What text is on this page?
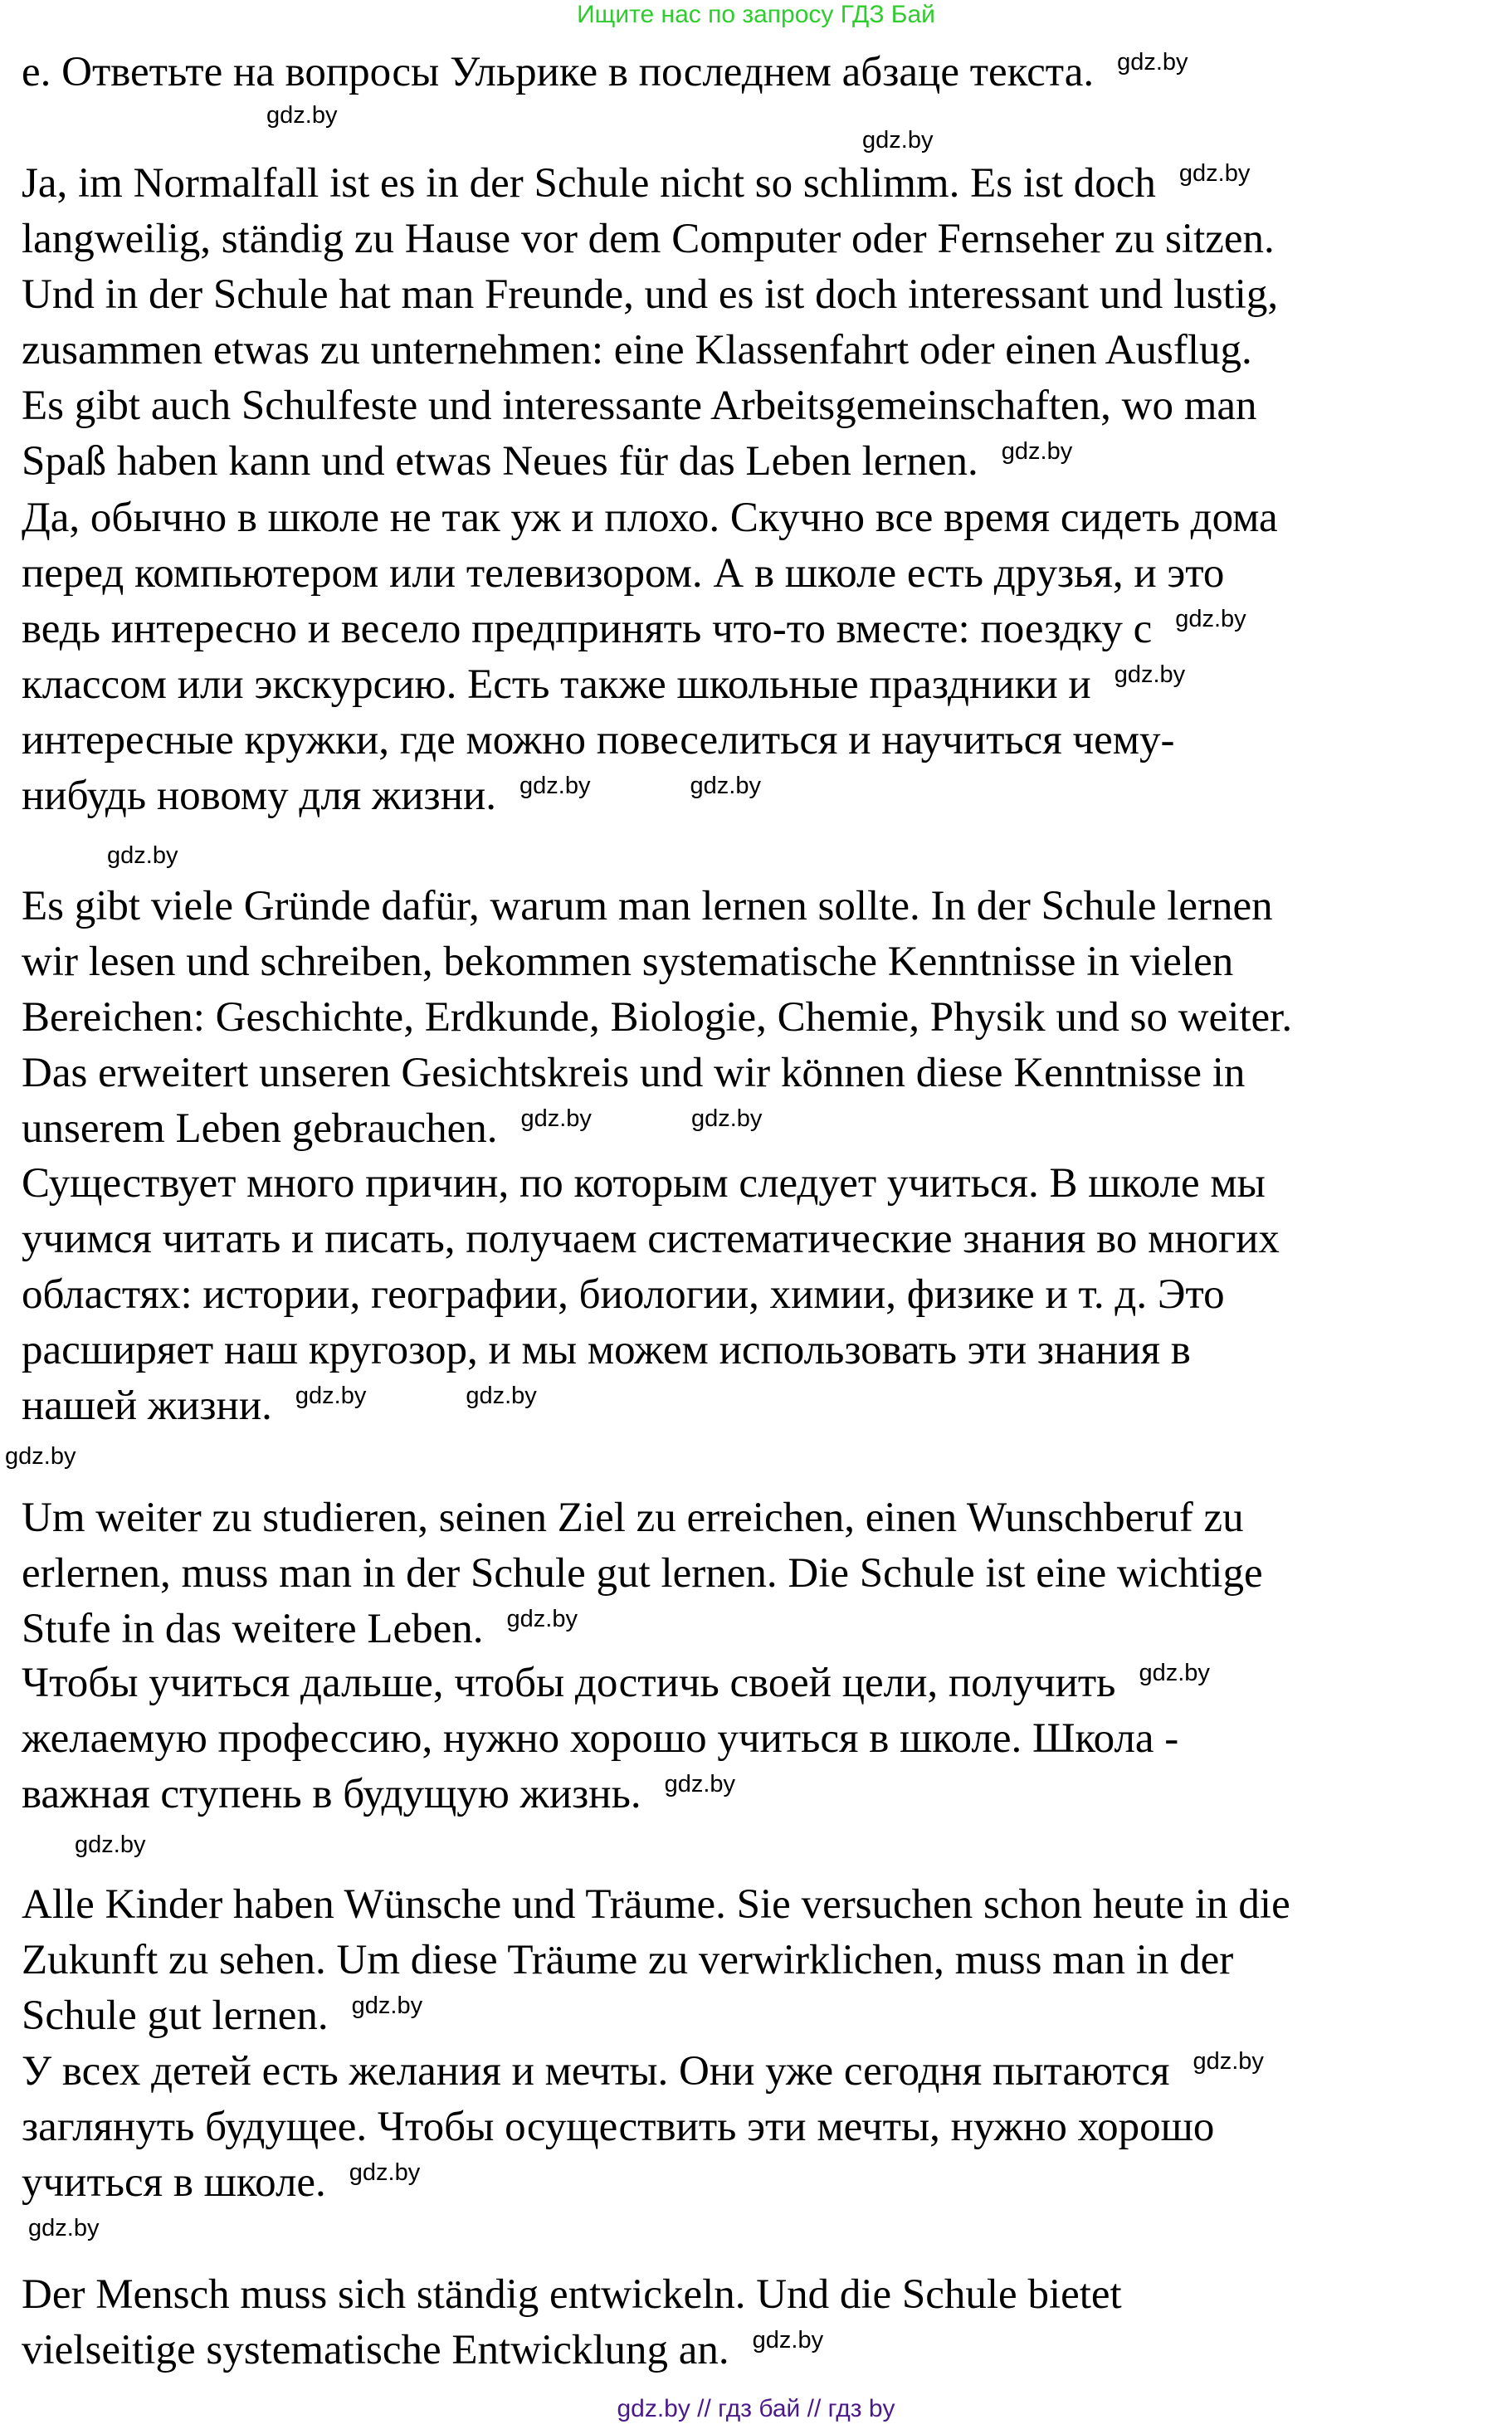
Ищите нас по запросу ГДЗ Бай
e. Ответьте на вопросы Ульрике в последнем абзаце текста. gdz.by
Ja, im Normalfall ist es in der Schule nicht so schlimm. Es ist doch gdz.by
langweilig, ständig zu Hause vor dem Computer oder Fernseher zu sitzen.
Und in der Schule hat man Freunde, und es ist doch interessant und lustig,
zusammen etwas zu unternehmen: eine Klassenfahrt oder einen Ausflug.
Es gibt auch Schulfeste und interessante Arbeitsgemeinschaften, wo man
Spaß haben kann und etwas Neues für das Leben lernen. gdz.by
Да, обычно в школе не так уж и плохо. Скучно все время сидеть дома
перед компьютером или телевизором. А в школе есть друзья, и это
ведь интересно и весело предпринять что-то вместе: поездку с gdz.by
классом или экскурсию. Есть также школьные праздники и gdz.by
интересные кружки, где можно повеселиться и научиться чему-
нибудь новому для жизни. gdz.by	gdz.by
Es gibt viele Gründe dafür, warum man lernen sollte. In der Schule lernen
wir lesen und schreiben, bekommen systematische Kenntnisse in vielen
Bereichen: Geschichte, Erdkunde, Biologie, Chemie, Physik und so weiter.
Das erweitert unseren Gesichtskreis und wir können diese Kenntnisse in
unserem Leben gebrauchen. gdz.by	gdz.by
Существует много причин, по которым следует учиться. В школе мы
учимся читать и писать, получаем систематические знания во многих
областях: истории, географии, биологии, химии, физике и т. д. Это
расширяет наш кругозор, и мы можем использовать эти знания в
нашей жизни. gdz.by	gdz.by
Um weiter zu studieren, seinen Ziel zu erreichen, einen Wunschberuf zu
erlernen, muss man in der Schule gut lernen. Die Schule ist eine wichtige
Stufe in das weitere Leben. gdz.by
Чтобы учиться дальше, чтобы достичь своей цели, получить gdz.by
желаемую профессию, нужно хорошо учиться в школе. Школа -
важная ступень в будущую жизнь. gdz.by
Alle Kinder haben Wünsche und Träume. Sie versuchen schon heute in die
Zukunft zu sehen. Um diese Träume zu verwirklichen, muss man in der
Schule gut lernen. gdz.by
У всех детей есть желания и мечты. Они уже сегодня пытаются gdz.by
заглянуть будущее. Чтобы осуществить эти мечты, нужно хорошо
учиться в школе. gdz.by
Der Mensch muss sich ständig entwickeln. Und die Schule bietet
vielseitige systematische Entwicklung an. gdz.by
gdz.by
gdz.by
gdz.by
gdz.by
gdz.by
gdz.by
gdz.by // гдз бай // гдз by
